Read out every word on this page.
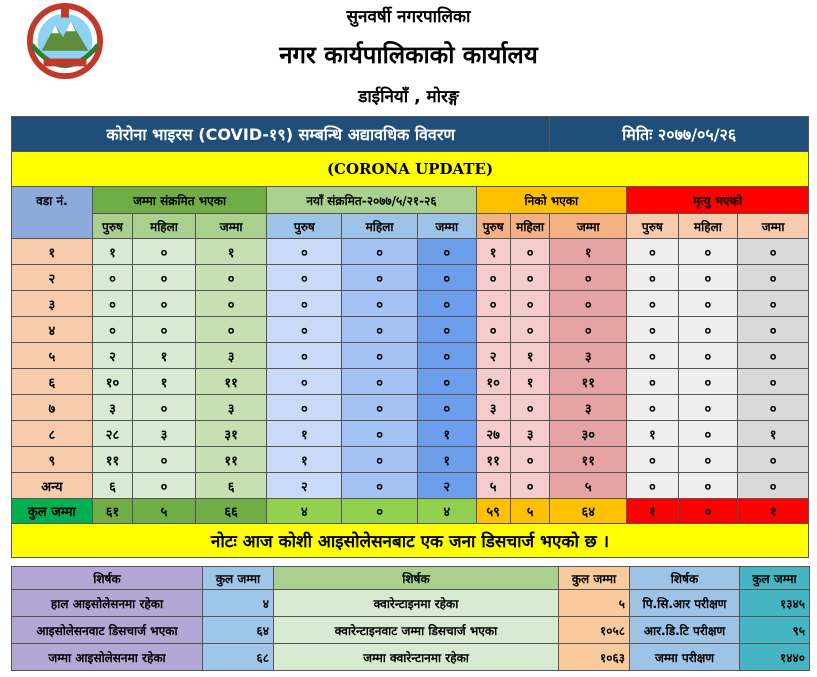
सुनवर्षी नगरपालिका
नगर कार्यपालिकाको कार्यालय
डाईनियाँ , मोरङ्ग
कोरोना भाइरस (COVID-१९) सम्बन्धि अद्यावधिक विवरण									मितिः २०७७/०५/२६			
(CORONA UPDATE)												
वडा नं.	जम्मा संक्रमित भएका			नयाँ संक्रमित-२०७७/५/२१-२६			निको भएका			मृत्यु भएको		
	पुरुष	महिला	जम्मा	पुरुष	महिला	जम्मा	पुरुष	महिला	जम्मा	पुरुष	महिला	जम्मा
१	१	०	१	०	०	०	१	०	१	०	०	०
२	०	०	०	०	०	०	०	०	०	०	०	०
३	०	०	०	०	०	०	०	०	०	०	०	०
४	०	०	०	०	०	०	०	०	०	०	०	०
५	२	१	३	०	०	०	२	१	३	०	०	०
६	१०	१	११	०	०	०	१०	१	११	०	०	०
७	३	०	३	०	०	०	३	०	३	०	०	०
८	२८	३	३१	१	०	१	२७	३	३०	१	०	१
९	११	०	११	१	०	१	११	०	११	०	०	०
अन्य	६	०	६	२	०	२	५	०	५	०	०	०
कुल जम्मा	६१	५	६६	४	०	४	५९	५	६४	१	०	१
नोटः आज कोशी आइसोलेसनबाट एक जना डिसचार्ज भएको छ ।												
शिर्षक	कुल जम्मा	शिर्षक	कुल जम्मा	शिर्षक	कुल जम्मा
हाल आइसोलेसनमा रहेका	४	क्वारेन्टाइनमा रहेका	५	पि.सि.आर परीक्षण	१३४५
आइसोलेसनवाट डिसचार्ज भएका	६४	क्वारेन्टाइनवाट जम्मा डिसचार्ज भएका	१०५८	आर.डि.टि परीक्षण	९५
जम्मा आइसोलेसनमा रहेका	६८	जम्मा क्वारेन्टानमा रहेका	१०६३	जम्मा परीक्षण	१४४०
